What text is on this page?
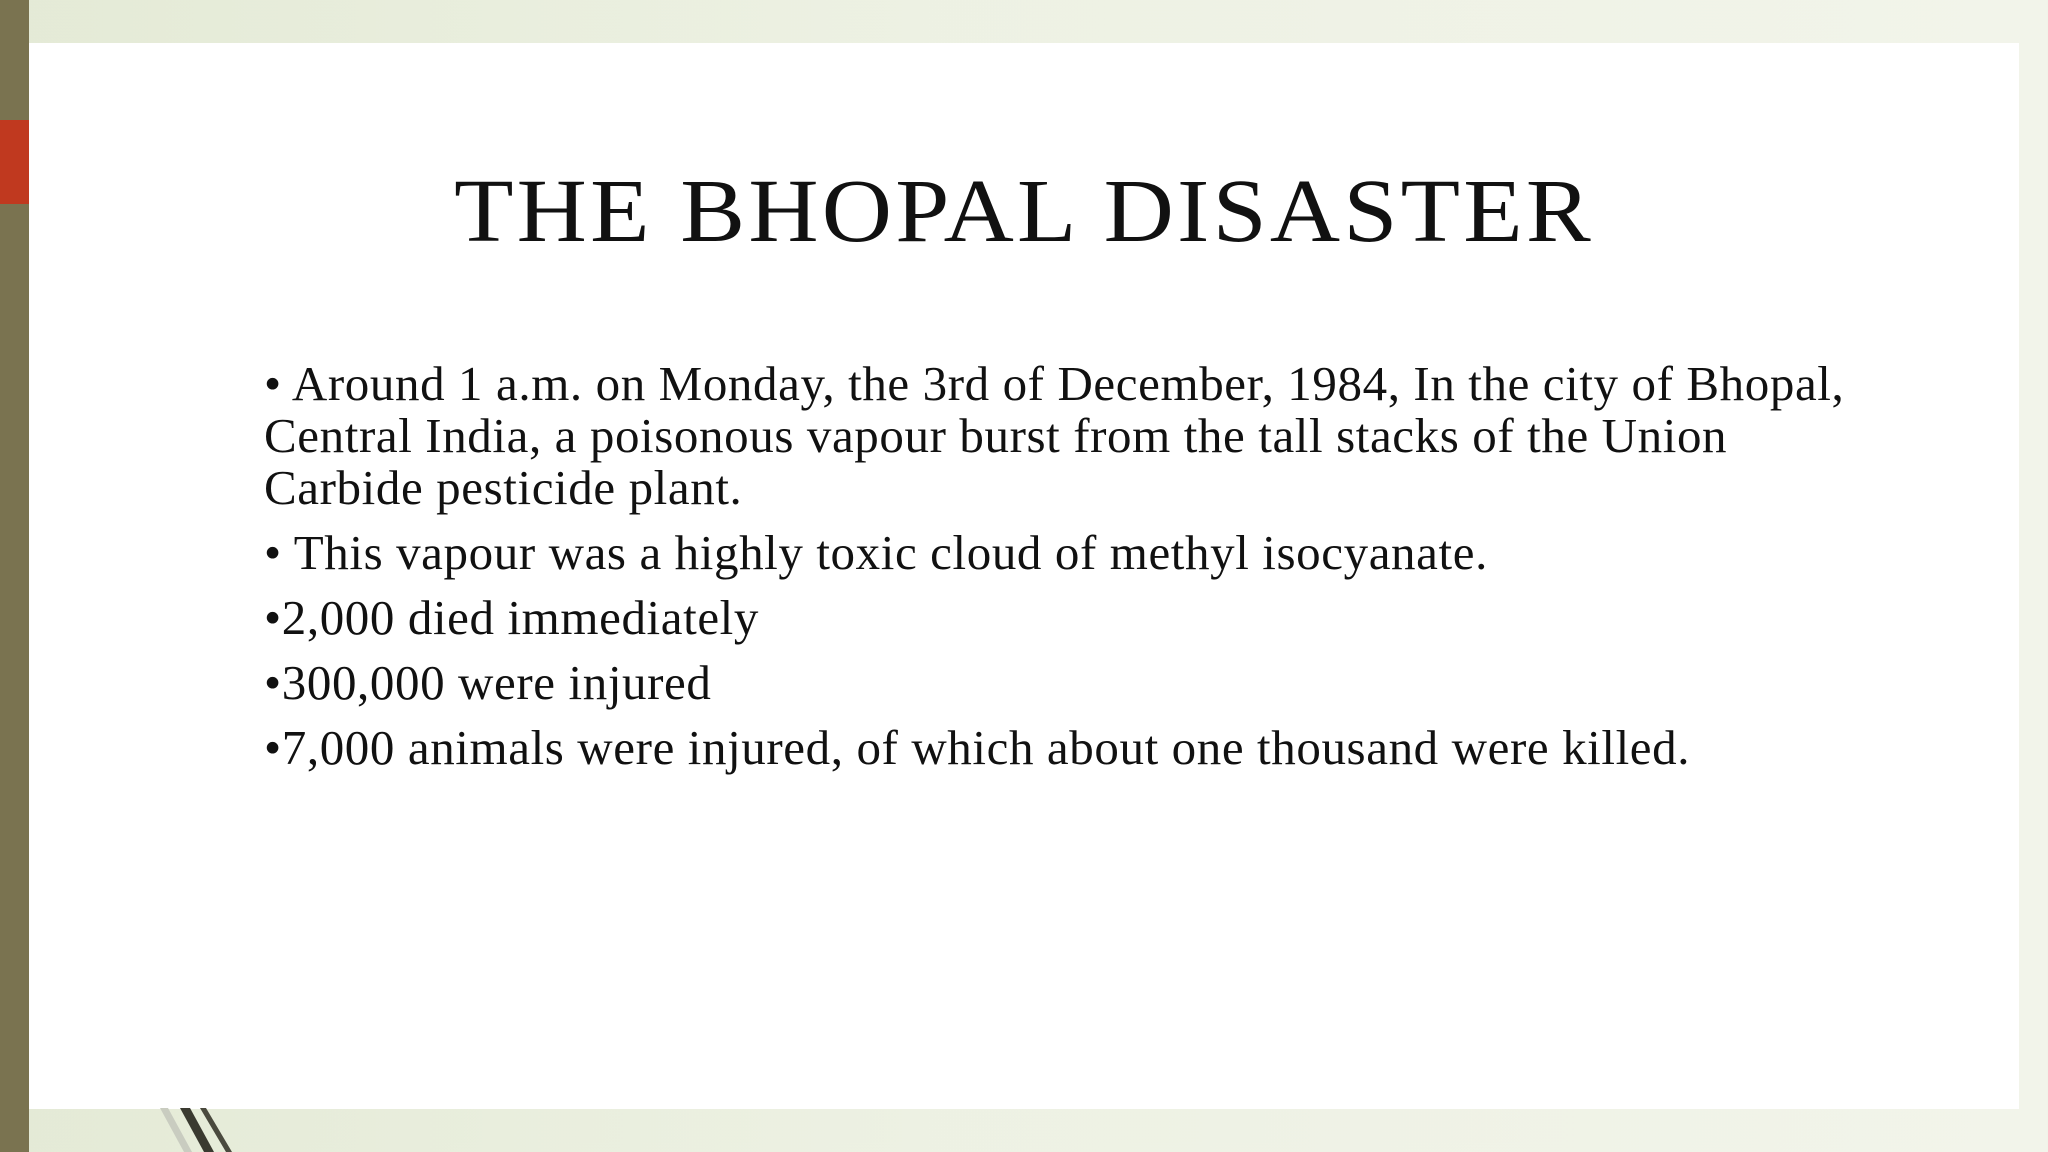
THE BHOPAL DISASTER
• Around 1 a.m. on Monday, the 3rd of December, 1984, In the city of Bhopal, Central India, a poisonous vapour burst from the tall stacks of the Union Carbide pesticide plant.
• This vapour was a highly toxic cloud of methyl isocyanate.
•2,000 died immediately
•300,000 were injured
•7,000 animals were injured, of which about one thousand were killed.
